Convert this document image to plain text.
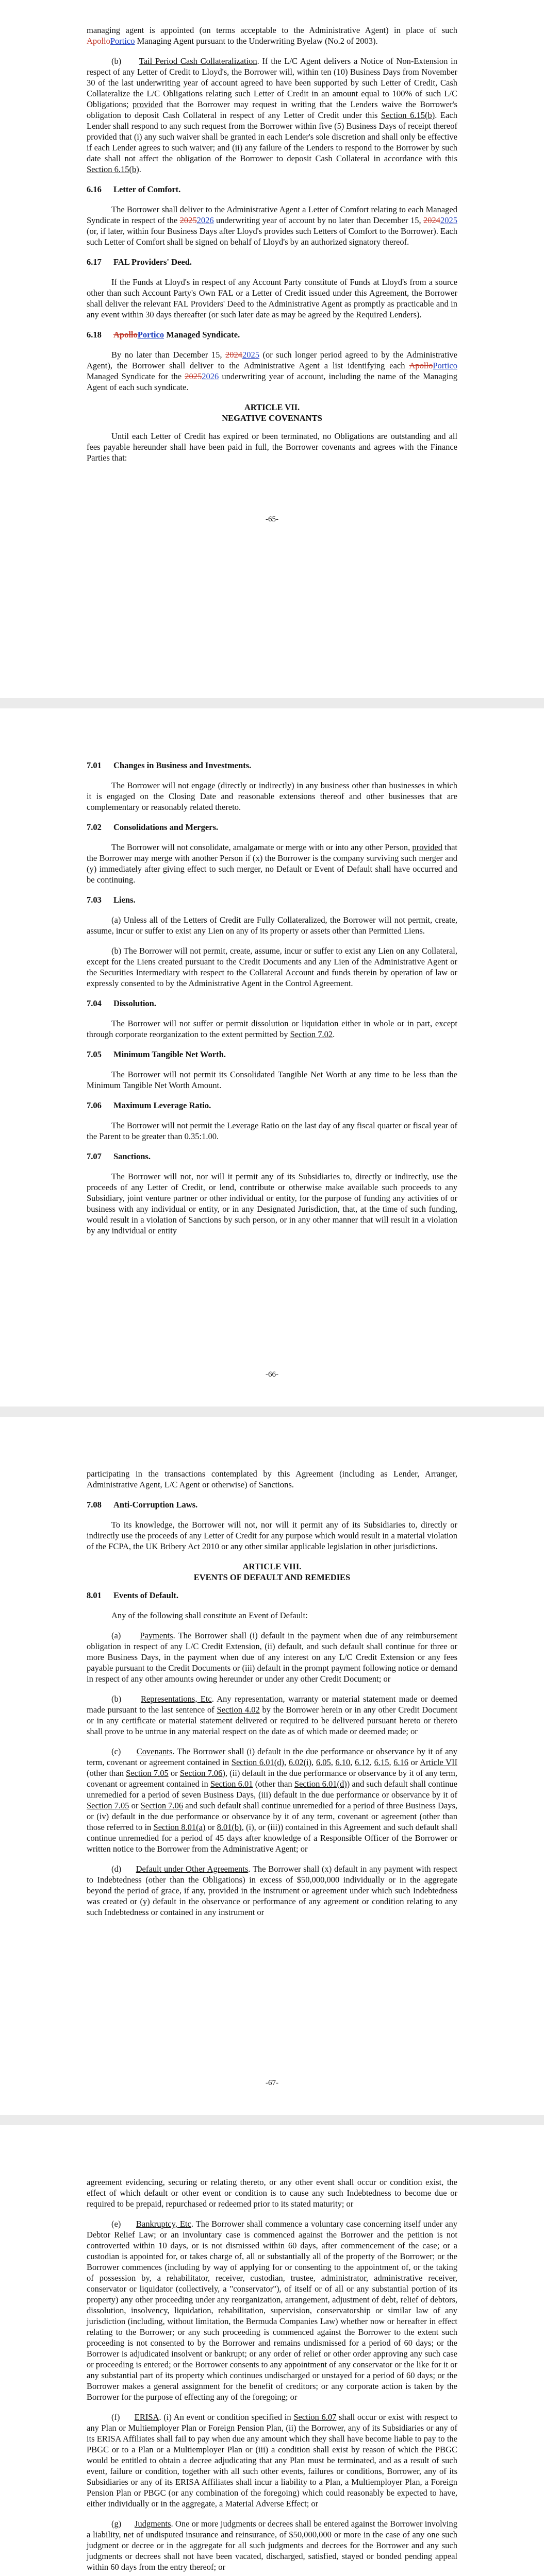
managing agent is appointed (on terms acceptable to the Administrative Agent) in place of such ApolloPortico Managing Agent pursuant to the Underwriting Byelaw (No.2 of 2003).

(b) Tail Period Cash Collateralization. If the L/C Agent delivers a Notice of Non-Extension in respect of any Letter of Credit to Lloyd's, the Borrower will, within ten (10) Business Days from November 30 of the last underwriting year of account agreed to have been supported by such Letter of Credit, Cash Collateralize the L/C Obligations relating such Letter of Credit in an amount equal to 100% of such L/C Obligations; provided that the Borrower may request in writing that the Lenders waive the Borrower's obligation to deposit Cash Collateral in respect of any Letter of Credit under this Section 6.15(b). Each Lender shall respond to any such request from the Borrower within five (5) Business Days of receipt thereof provided that (i) any such waiver shall be granted in each Lender's sole discretion and shall only be effective if each Lender agrees to such waiver; and (ii) any failure of the Lenders to respond to the Borrower by such date shall not affect the obligation of the Borrower to deposit Cash Collateral in accordance with this Section 6.15(b).

6.16 Letter of Comfort.

The Borrower shall deliver to the Administrative Agent a Letter of Comfort relating to each Managed Syndicate in respect of the 20252026 underwriting year of account by no later than December 15, 20242025 (or, if later, within four Business Days after Lloyd's provides such Letters of Comfort to the Borrower). Each such Letter of Comfort shall be signed on behalf of Lloyd's by an authorized signatory thereof.

6.17 FAL Providers' Deed.

If the Funds at Lloyd's in respect of any Account Party constitute of Funds at Lloyd's from a source other than such Account Party's Own FAL or a Letter of Credit issued under this Agreement, the Borrower shall deliver the relevant FAL Providers' Deed to the Administrative Agent as promptly as practicable and in any event within 30 days thereafter (or such later date as may be agreed by the Required Lenders).

6.18 ApolloPortico Managed Syndicate.

By no later than December 15, 20242025 (or such longer period agreed to by the Administrative Agent), the Borrower shall deliver to the Administrative Agent a list identifying each ApolloPortico Managed Syndicate for the 20252026 underwriting year of account, including the name of the Managing Agent of each such syndicate.

ARTICLE VII.
NEGATIVE COVENANTS

Until each Letter of Credit has expired or been terminated, no Obligations are outstanding and all fees payable hereunder shall have been paid in full, the Borrower covenants and agrees with the Finance Parties that:

-65-
7.01 Changes in Business and Investments.

The Borrower will not engage (directly or indirectly) in any business other than businesses in which it is engaged on the Closing Date and reasonable extensions thereof and other businesses that are complementary or reasonably related thereto.

7.02 Consolidations and Mergers.

The Borrower will not consolidate, amalgamate or merge with or into any other Person, provided that the Borrower may merge with another Person if (x) the Borrower is the company surviving such merger and (y) immediately after giving effect to such merger, no Default or Event of Default shall have occurred and be continuing.

7.03 Liens.

(a) Unless all of the Letters of Credit are Fully Collateralized, the Borrower will not permit, create, assume, incur or suffer to exist any Lien on any of its property or assets other than Permitted Liens.

(b) The Borrower will not permit, create, assume, incur or suffer to exist any Lien on any Collateral, except for the Liens created pursuant to the Credit Documents and any Lien of the Administrative Agent or the Securities Intermediary with respect to the Collateral Account and funds therein by operation of law or expressly consented to by the Administrative Agent in the Control Agreement.

7.04 Dissolution.

The Borrower will not suffer or permit dissolution or liquidation either in whole or in part, except through corporate reorganization to the extent permitted by Section 7.02.

7.05 Minimum Tangible Net Worth.

The Borrower will not permit its Consolidated Tangible Net Worth at any time to be less than the Minimum Tangible Net Worth Amount.

7.06 Maximum Leverage Ratio.

The Borrower will not permit the Leverage Ratio on the last day of any fiscal quarter or fiscal year of the Parent to be greater than 0.35:1.00.

7.07 Sanctions.

The Borrower will not, nor will it permit any of its Subsidiaries to, directly or indirectly, use the proceeds of any Letter of Credit, or lend, contribute or otherwise make available such proceeds to any Subsidiary, joint venture partner or other individual or entity, for the purpose of funding any activities of or business with any individual or entity, or in any Designated Jurisdiction, that, at the time of such funding, would result in a violation of Sanctions by such person, or in any other manner that will result in a violation by any individual or entity

-66-

participating in the transactions contemplated by this Agreement (including as Lender, Arranger, Administrative Agent, L/C Agent or otherwise) of Sanctions.

7.08 Anti-Corruption Laws.

To its knowledge, the Borrower will not, nor will it permit any of its Subsidiaries to, directly or indirectly use the proceeds of any Letter of Credit for any purpose which would result in a material violation of the FCPA, the UK Bribery Act 2010 or any other similar applicable legislation in other jurisdictions.

ARTICLE VIII.
EVENTS OF DEFAULT AND REMEDIES
8.01 Events of Default.

Any of the following shall constitute an Event of Default:

(a) Payments. The Borrower shall (i) default in the payment when due of any reimbursement obligation in respect of any L/C Credit Extension, (ii) default, and such default shall continue for three or more Business Days, in the payment when due of any interest on any L/C Credit Extension or any fees payable pursuant to the Credit Documents or (iii) default in the prompt payment following notice or demand in respect of any other amounts owing hereunder or under any other Credit Document; or

(b) Representations, Etc. Any representation, warranty or material statement made or deemed made pursuant to the last sentence of Section 4.02 by the Borrower herein or in any other Credit Document or in any certificate or material statement delivered or required to be delivered pursuant hereto or thereto shall prove to be untrue in any material respect on the date as of which made or deemed made; or

(c) Covenants. The Borrower shall (i) default in the due performance or observance by it of any term, covenant or agreement contained in Section 6.01(d), 6.02(i), 6.05, 6.10, 6.12, 6.15, 6.16 or Article VII (other than Section 7.05 or Section 7.06), (ii) default in the due performance or observance by it of any term, covenant or agreement contained in Section 6.01 (other than Section 6.01(d)) and such default shall continue unremedied for a period of seven Business Days, (iii) default in the due performance or observance by it of Section 7.05 or Section 7.06 and such default shall continue unremedied for a period of three Business Days, or (iv) default in the due performance or observance by it of any term, covenant or agreement (other than those referred to in Section 8.01(a) or 8.01(b), (i), or (iii)) contained in this Agreement and such default shall continue unremedied for a period of 45 days after knowledge of a Responsible Officer of the Borrower or written notice to the Borrower from the Administrative Agent; or

(d) Default under Other Agreements. The Borrower shall (x) default in any payment with respect to Indebtedness (other than the Obligations) in excess of $50,000,000 individually or in the aggregate beyond the period of grace, if any, provided in the instrument or agreement under which such Indebtedness was created or (y) default in the observance or performance of any agreement or condition relating to any such Indebtedness or contained in any instrument or

-67-

agreement evidencing, securing or relating thereto, or any other event shall occur or condition exist, the effect of which default or other event or condition is to cause any such Indebtedness to become due or required to be prepaid, repurchased or redeemed prior to its stated maturity; or

(e) Bankruptcy, Etc. The Borrower shall commence a voluntary case concerning itself under any Debtor Relief Law; or an involuntary case is commenced against the Borrower and the petition is not controverted within 10 days, or is not dismissed within 60 days, after commencement of the case; or a custodian is appointed for, or takes charge of, all or substantially all of the property of the Borrower; or the Borrower commences (including by way of applying for or consenting to the appointment of, or the taking of possession by, a rehabilitator, receiver, custodian, trustee, administrator, administrative receiver, conservator or liquidator (collectively, a "conservator"), of itself or of all or any substantial portion of its property) any other proceeding under any reorganization, arrangement, adjustment of debt, relief of debtors, dissolution, insolvency, liquidation, rehabilitation, supervision, conservatorship or similar law of any jurisdiction (including, without limitation, the Bermuda Companies Law) whether now or hereafter in effect relating to the Borrower; or any such proceeding is commenced against the Borrower to the extent such proceeding is not consented to by the Borrower and remains undismissed for a period of 60 days; or the Borrower is adjudicated insolvent or bankrupt; or any order of relief or other order approving any such case or proceeding is entered; or the Borrower consents to any appointment of any conservator or the like for it or any substantial part of its property which continues undischarged or unstayed for a period of 60 days; or the Borrower makes a general assignment for the benefit of creditors; or any corporate action is taken by the Borrower for the purpose of effecting any of the foregoing; or

(f) ERISA. (i) An event or condition specified in Section 6.07 shall occur or exist with respect to any Plan or Multiemployer Plan or Foreign Pension Plan, (ii) the Borrower, any of its Subsidiaries or any of its ERISA Affiliates shall fail to pay when due any amount which they shall have become liable to pay to the PBGC or to a Plan or a Multiemployer Plan or (iii) a condition shall exist by reason of which the PBGC would be entitled to obtain a decree adjudicating that any Plan must be terminated, and as a result of such event, failure or condition, together with all such other events, failures or conditions, Borrower, any of its Subsidiaries or any of its ERISA Affiliates shall incur a liability to a Plan, a Multiemployer Plan, a Foreign Pension Plan or PBGC (or any combination of the foregoing) which could reasonably be expected to have, either individually or in the aggregate, a Material Adverse Effect; or

(g) Judgments. One or more judgments or decrees shall be entered against the Borrower involving a liability, net of undisputed insurance and reinsurance, of $50,000,000 or more in the case of any one such judgment or decree or in the aggregate for all such judgments and decrees for the Borrower and any such judgments or decrees shall not have been vacated, discharged, satisfied, stayed or bonded pending appeal within 60 days from the entry thereof; or
